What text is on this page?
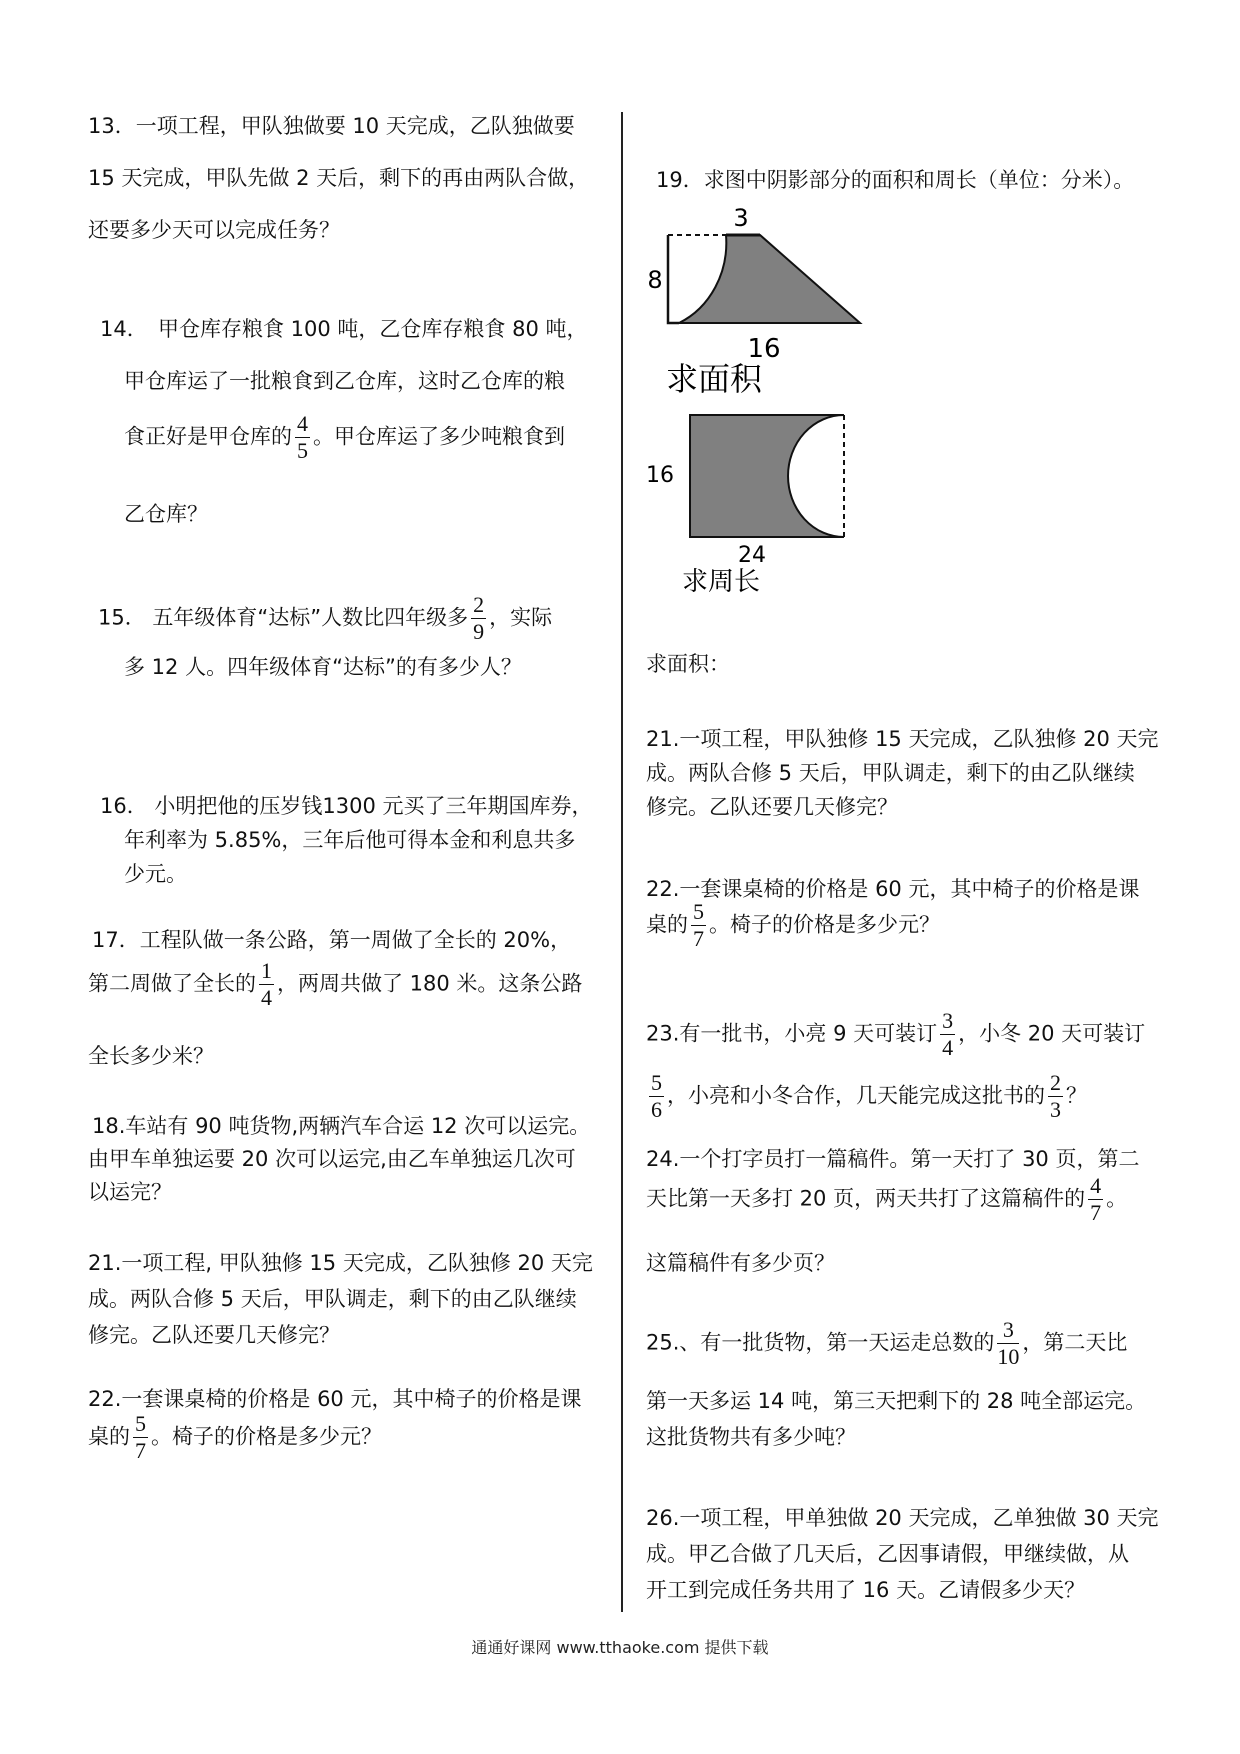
13．一项工程，甲队独做要 10 天完成，乙队独做要
15 天完成，甲队先做 2 天后，剩下的再由两队合做，
还要多少天可以完成任务？
14． 甲仓库存粮食 100 吨，乙仓库存粮食 80 吨，
甲仓库运了一批粮食到乙仓库，这时乙仓库的粮
食正好是甲仓库的 $\frac{4}{5}$ 。甲仓库运了多少吨粮食到
乙仓库？
15． 五年级体育“达标”人数比四年级多 $\frac{2}{9}$ ，实际
多 12 人。四年级体育“达标”的有多少人？
16． 小明把他的压岁钱1300 元买了三年期国库券，
年利率为 5.85%，三年后他可得本金和利息共多
少元。
17．工程队做一条公路，第一周做了全长的 20%，
第二周做了全长的 $\frac{1}{4}$ ，两周共做了 180 米。这条公路
全长多少米？
18.车站有 90 吨货物,两辆汽车合运 12 次可以运完。
由甲车单独运要 20 次可以运完,由乙车单独运几次可
以运完？
21.一项工程, 甲队独修 15 天完成，乙队独修 20 天完
成。两队合修 5 天后，甲队调走，剩下的由乙队继续
修完。乙队还要几天修完？
22.一套课桌椅的价格是 60 元，其中椅子的价格是课
桌的 $\frac{5}{7}$ 。椅子的价格是多少元？
19．求图中阴影部分的面积和周长（单位：分米）。
3
8
16
求面积
16
24
求周长
求面积：
21.一项工程，甲队独修 15 天完成，乙队独修 20 天完
成。两队合修 5 天后，甲队调走，剩下的由乙队继续
修完。乙队还要几天修完？
22.一套课桌椅的价格是 60 元，其中椅子的价格是课
桌的 $\frac{5}{7}$ 。椅子的价格是多少元？
23.有一批书，小亮 9 天可装订 $\frac{3}{4}$ ，小冬 20 天可装订
$\frac{5}{6}$ ，小亮和小冬合作，几天能完成这批书的 $\frac{2}{3}$ ？
24.一个打字员打一篇稿件。第一天打了 30 页，第二
天比第一天多打 20 页，两天共打了这篇稿件的 $\frac{4}{7}$ 。
这篇稿件有多少页？
25.、有一批货物，第一天运走总数的 $\frac{3}{10}$ ，第二天比
第一天多运 14 吨，第三天把剩下的 28 吨全部运完。
这批货物共有多少吨？
26.一项工程，甲单独做 20 天完成，乙单独做 30 天完
成。甲乙合做了几天后，乙因事请假，甲继续做，从
开工到完成任务共用了 16 天。乙请假多少天？
通通好课网 www.tthaoke.com 提供下载
